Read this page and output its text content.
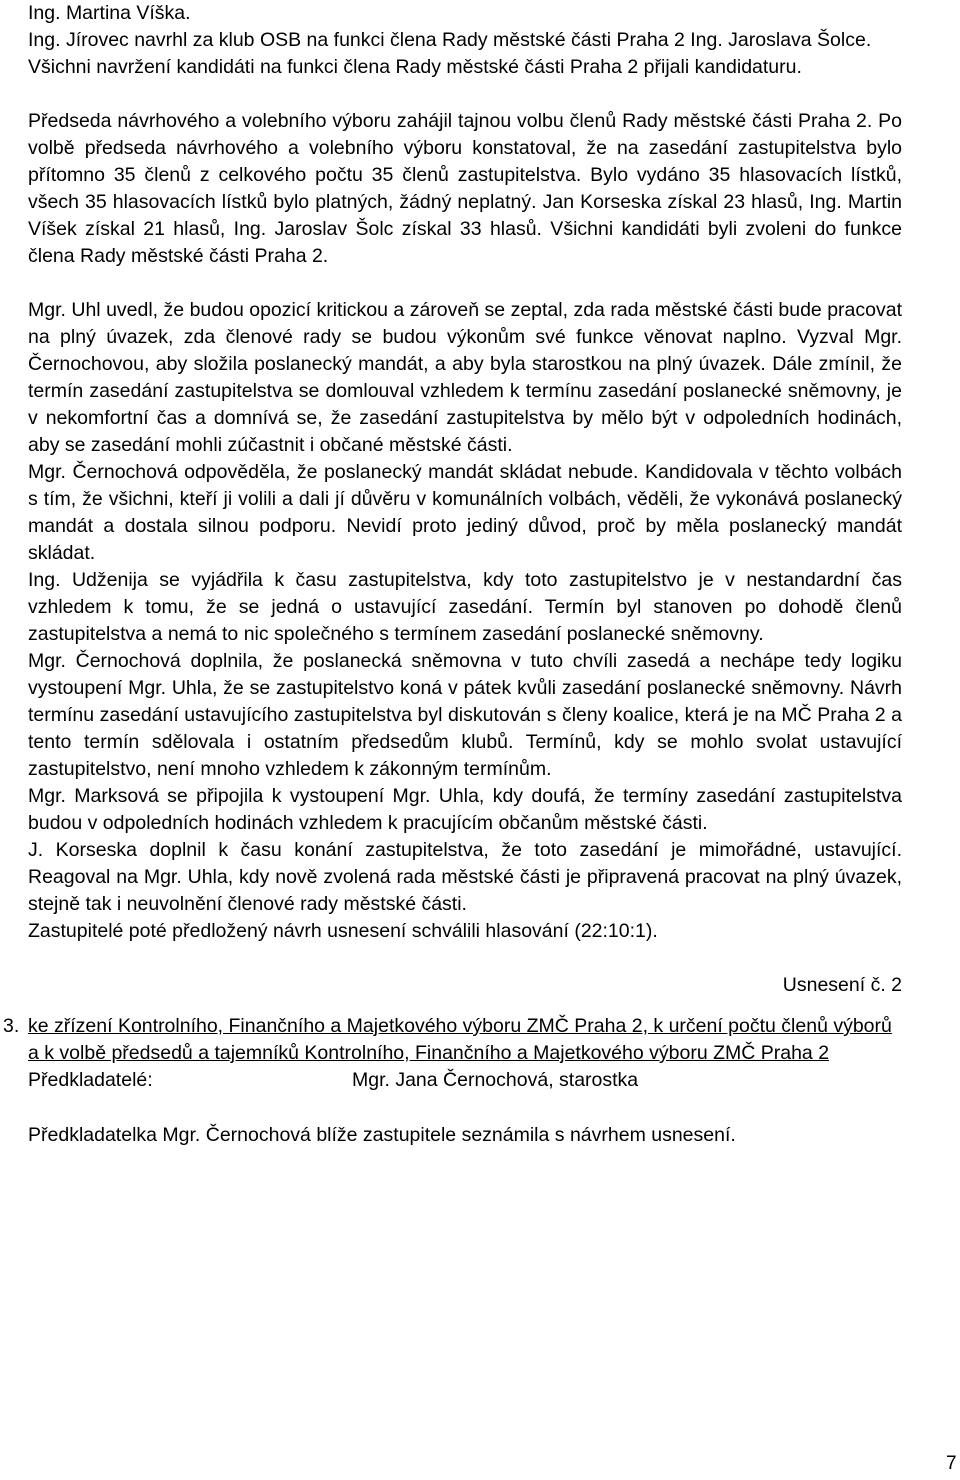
Ing. Martina Víška.

Ing. Jírovec navrhl za klub OSB na funkci člena Rady městské části Praha 2 Ing. Jaroslava Šolce.

Všichni navržení kandidáti na funkci člena Rady městské části Praha 2 přijali kandidaturu.

Předseda návrhového a volebního výboru zahájil tajnou volbu členů Rady městské části Praha 2. Po volbě předseda návrhového a volebního výboru konstatoval, že na zasedání zastupitelstva bylo přítomno 35 členů z celkového počtu 35 členů zastupitelstva. Bylo vydáno 35 hlasovacích lístků, všech 35 hlasovacích lístků bylo platných, žádný neplatný. Jan Korseska získal 23 hlasů, Ing. Martin Víšek získal 21 hlasů, Ing. Jaroslav Šolc získal 33 hlasů. Všichni kandidáti byli zvoleni do funkce člena Rady městské části Praha 2.

Mgr. Uhl uvedl, že budou opozicí kritickou a zároveň se zeptal, zda rada městské části bude pracovat na plný úvazek, zda členové rady se budou výkonům své funkce věnovat naplno. Vyzval Mgr. Černochovou, aby složila poslanecký mandát, a aby byla starostkou na plný úvazek. Dále zmínil, že termín zasedání zastupitelstva se domlouval vzhledem k termínu zasedání poslanecké sněmovny, je v nekomfortní čas a domnívá se, že zasedání zastupitelstva by mělo být v odpoledních hodinách, aby se zasedání mohli zúčastnit i občané městské části.

Mgr. Černochová odpověděla, že poslanecký mandát skládat nebude. Kandidovala v těchto volbách s tím, že všichni, kteří ji volili a dali jí důvěru v komunálních volbách, věděli, že vykonává poslanecký mandát a dostala silnou podporu. Nevidí proto jediný důvod, proč by měla poslanecký mandát skládat.

Ing. Udženija se vyjádřila k času zastupitelstva, kdy toto zastupitelstvo je v nestandardní čas vzhledem k tomu, že se jedná o ustavující zasedání. Termín byl stanoven po dohodě členů zastupitelstva a nemá to nic společného s termínem zasedání poslanecké sněmovny.

Mgr. Černochová doplnila, že poslanecká sněmovna v tuto chvíli zasedá a nechápe tedy logiku vystoupení Mgr. Uhla, že se zastupitelstvo koná v pátek kvůli zasedání poslanecké sněmovny. Návrh termínu zasedání ustavujícího zastupitelstva byl diskutován s členy koalice, která je na MČ Praha 2 a tento termín sdělovala i ostatním předsedům klubů. Termínů, kdy se mohlo svolat ustavující zastupitelstvo, není mnoho vzhledem k zákonným termínům.

Mgr. Marksová se připojila k vystoupení Mgr. Uhla, kdy doufá, že termíny zasedání zastupitelstva budou v odpoledních hodinách vzhledem k pracujícím občanům městské části.

J. Korseska doplnil k času konání zastupitelstva, že toto zasedání je mimořádné, ustavující. Reagoval na Mgr. Uhla, kdy nově zvolená rada městské části je připravená pracovat na plný úvazek, stejně tak i neuvolnění členové rady městské části.

Zastupitelé poté předložený návrh usnesení schválili hlasování (22:10:1).

Usnesení č. 2

3. ke zřízení Kontrolního, Finančního a Majetkového výboru ZMČ Praha 2, k určení počtu členů výborů a k volbě předsedů a tajemníků Kontrolního, Finančního a Majetkového výboru ZMČ Praha 2
Předkladatelé:	Mgr. Jana Černochová, starostka

Předkladatelka Mgr. Černochová blíže zastupitele seznámila s návrhem usnesení.

7
